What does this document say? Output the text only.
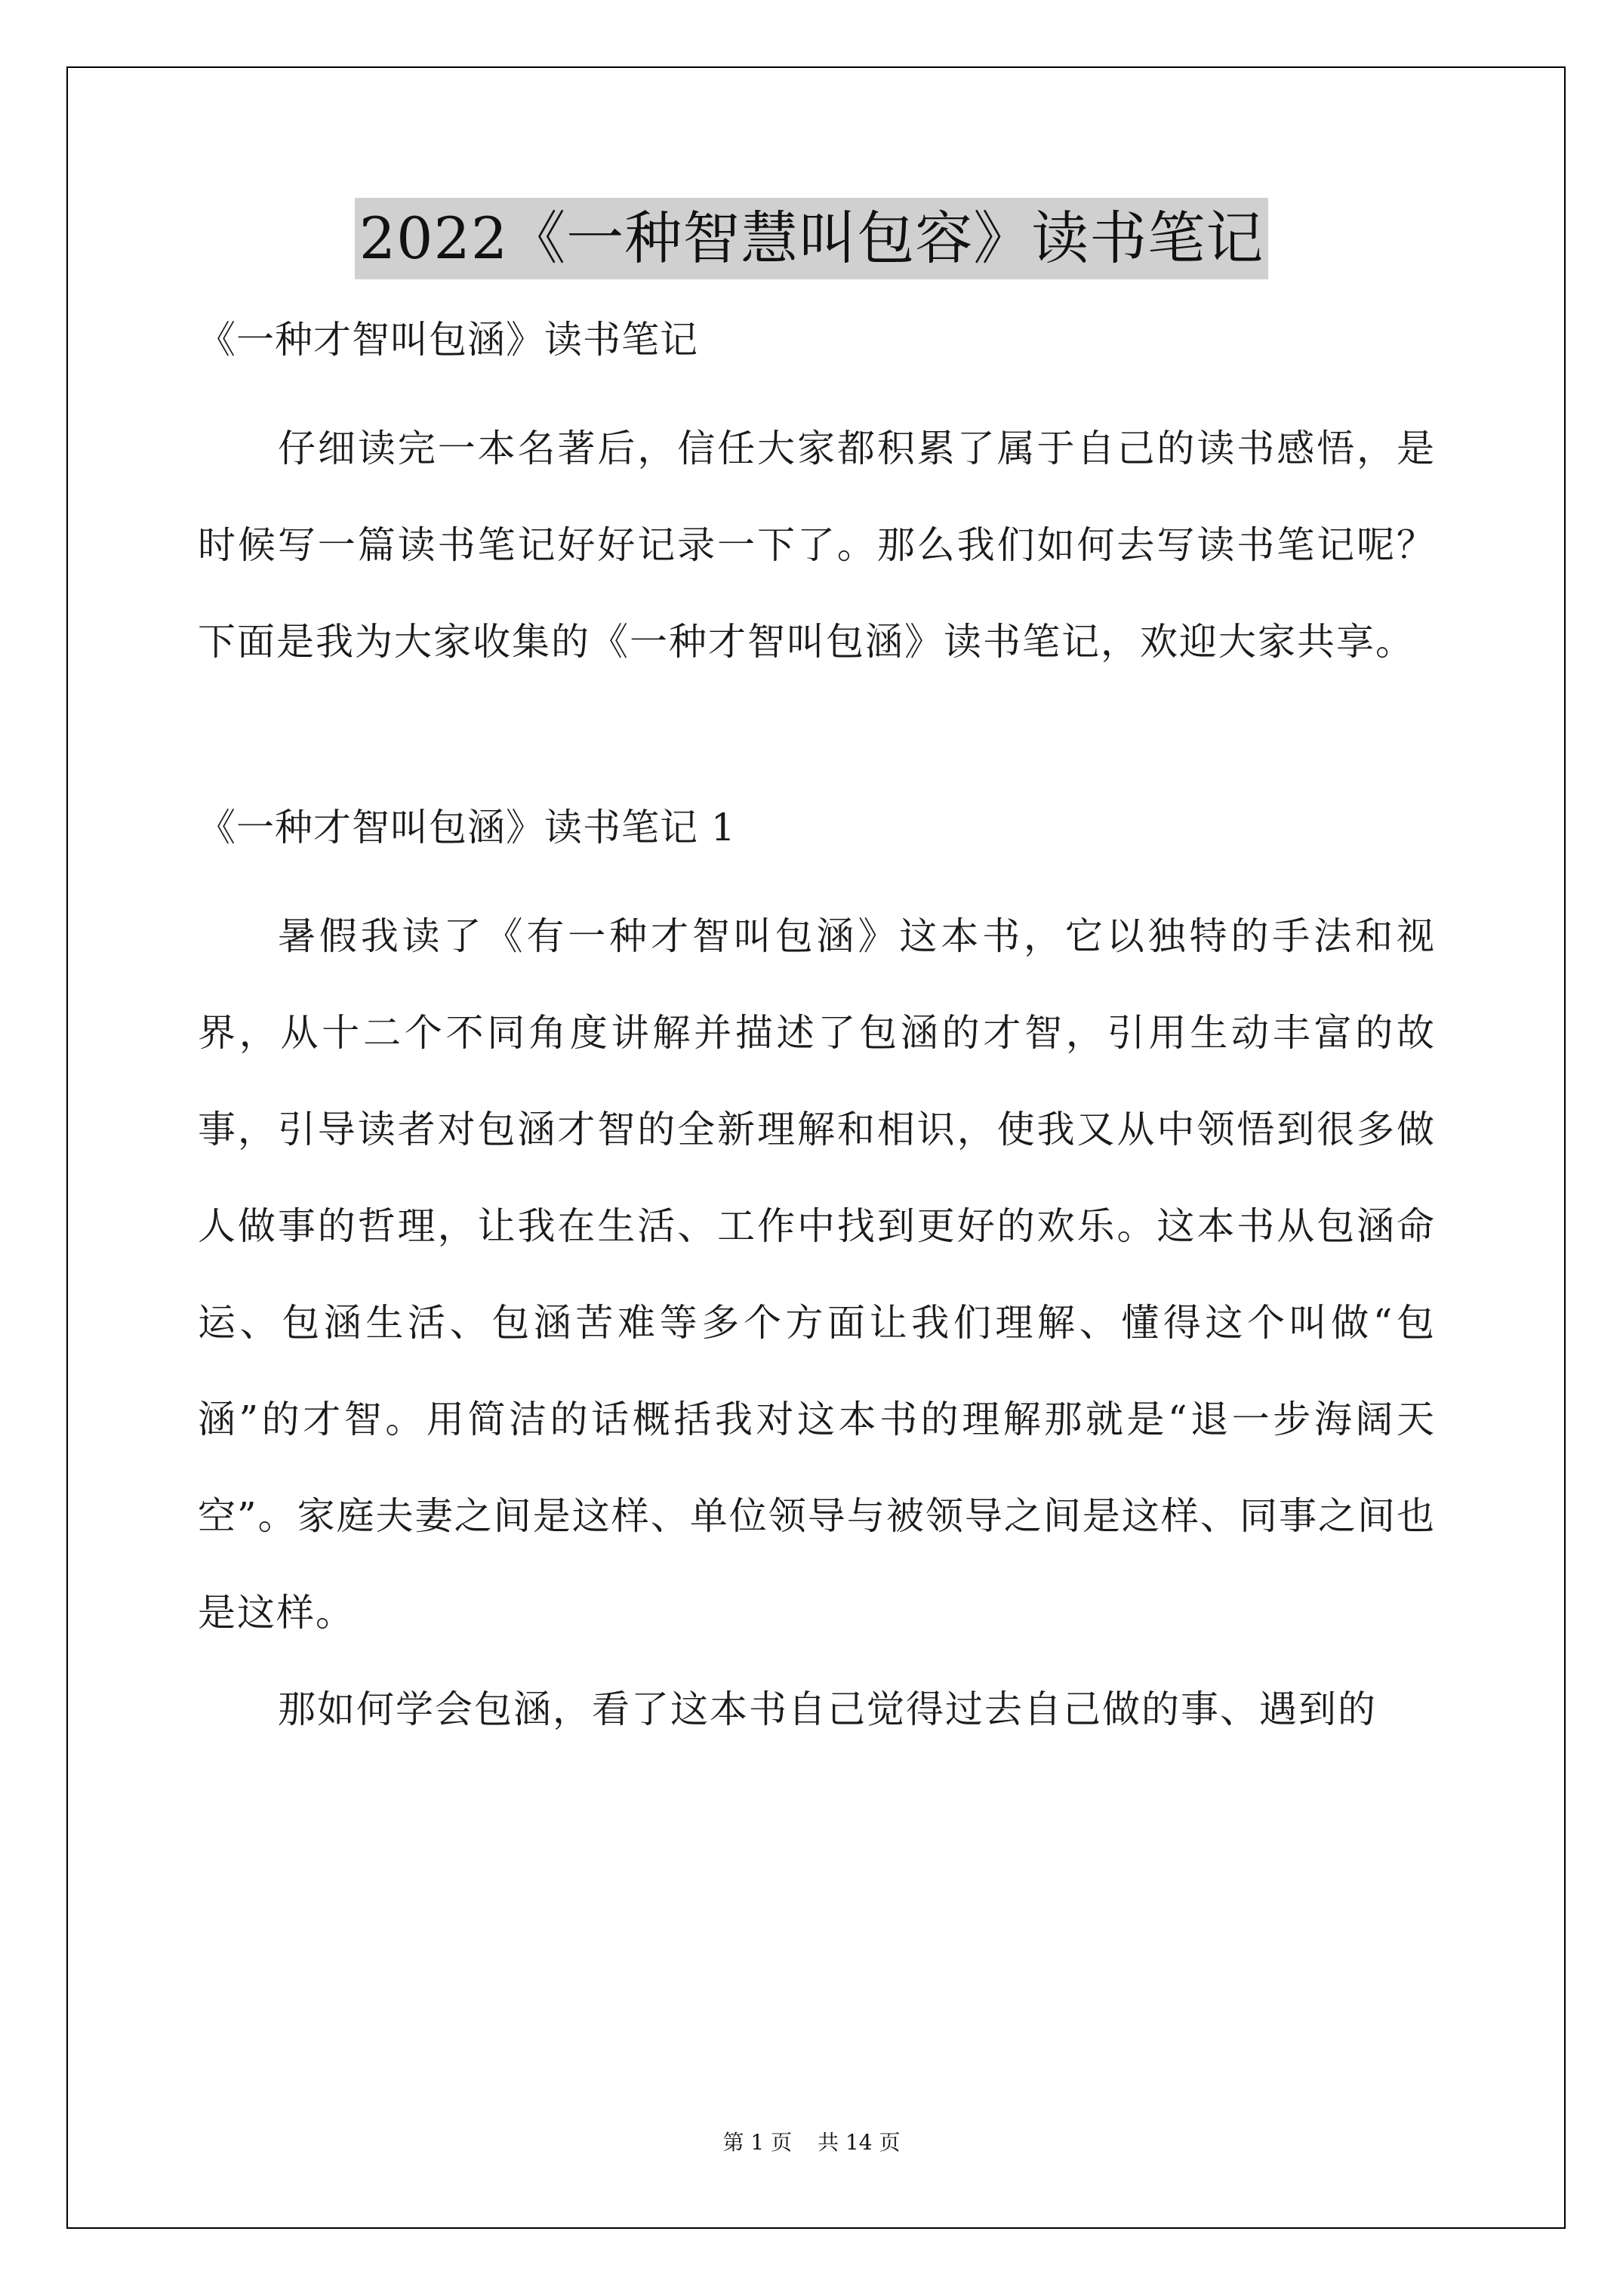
2022《一种智慧叫包容》读书笔记

《一种才智叫包涵》读书笔记

仔细读完一本名著后，信任大家都积累了属于自己的读书感悟，是时候写一篇读书笔记好好记录一下了。那么我们如何去写读书笔记呢？下面是我为大家收集的《一种才智叫包涵》读书笔记，欢迎大家共享。

《一种才智叫包涵》读书笔记 1

暑假我读了《有一种才智叫包涵》这本书，它以独特的手法和视界，从十二个不同角度讲解并描述了包涵的才智，引用生动丰富的故事，引导读者对包涵才智的全新理解和相识，使我又从中领悟到很多做人做事的哲理，让我在生活、工作中找到更好的欢乐。这本书从包涵命运、包涵生活、包涵苦难等多个方面让我们理解、懂得这个叫做“包涵”的才智。用简洁的话概括我对这本书的理解那就是“退一步海阔天空”。家庭夫妻之间是这样、单位领导与被领导之间是这样、同事之间也是这样。

那如何学会包涵，看了这本书自己觉得过去自己做的事、遇到的

第 1 页 共 14 页
